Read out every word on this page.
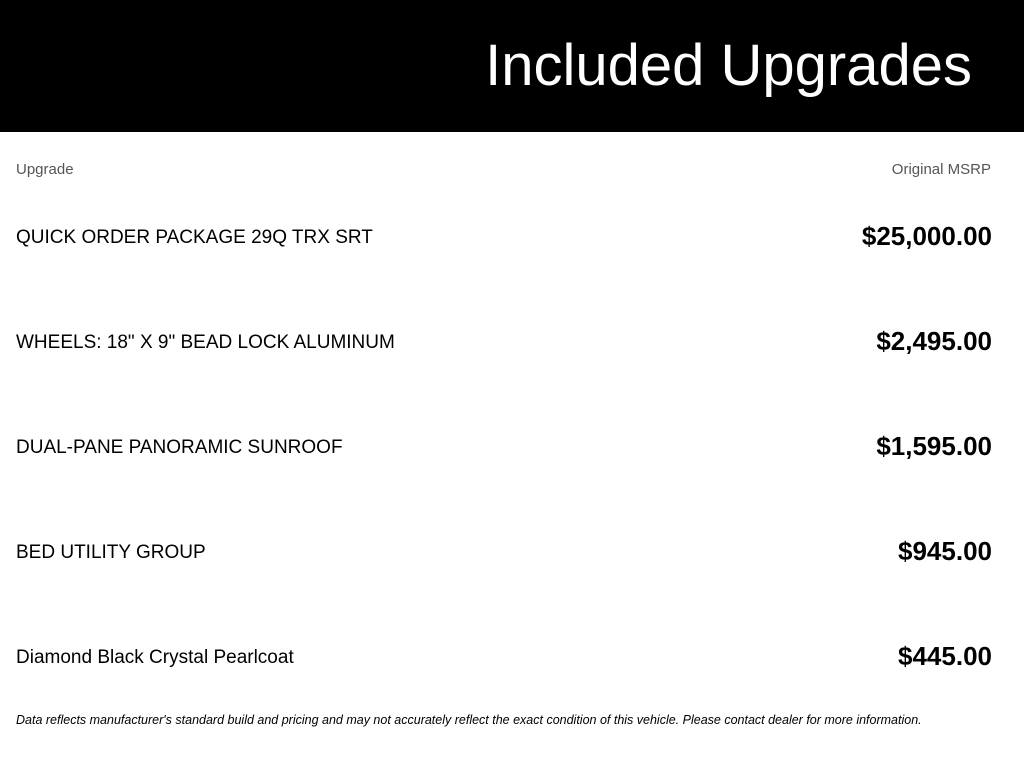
Included Upgrades
Upgrade	Original MSRP
QUICK ORDER PACKAGE 29Q TRX SRT	$25,000.00
WHEELS: 18" X 9" BEAD LOCK ALUMINUM	$2,495.00
DUAL-PANE PANORAMIC SUNROOF	$1,595.00
BED UTILITY GROUP	$945.00
Diamond Black Crystal Pearlcoat	$445.00
Data reflects manufacturer's standard build and pricing and may not accurately reflect the exact condition of this vehicle. Please contact dealer for more information.
